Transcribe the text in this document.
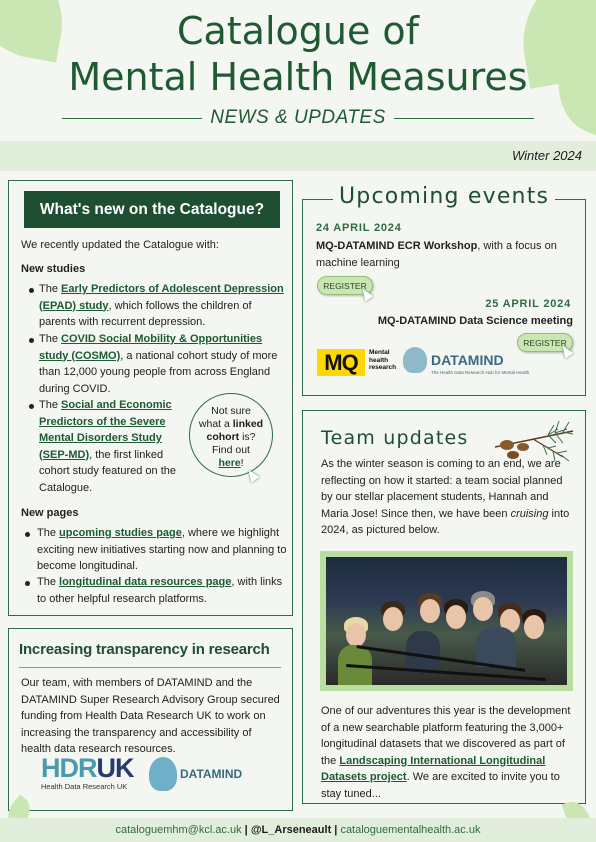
Catalogue of
Mental Health Measures
NEWS & UPDATES
Winter 2024
What's new on the Catalogue?
We recently updated the Catalogue with:
New studies
The Early Predictors of Adolescent Depression (EPAD) study, which follows the children of parents with recurrent depression.
The COVID Social Mobility & Opportunities study (COSMO), a national cohort study of more than 12,000 young people from across England during COVID.
The Social and Economic Predictors of the Severe Mental Disorders Study (SEP-MD), the first linked cohort study featured on the Catalogue.
Not sure
what a linked
cohort is?
Find out
here!
New pages
The upcoming studies page, where we highlight exciting new initiatives starting now and planning to become longitudinal.
The longitudinal data resources page, with links to other helpful research platforms.
Increasing transparency in research
Our team, with members of DATAMIND and the DATAMIND Super Research Advisory Group secured funding from Health Data Research UK to work on increasing the transparency and accessibility of health data research resources.
HDRUK
Health Data Research UK
DATAMIND
Upcoming events
24 APRIL 2024
MQ-DATAMIND ECR Workshop, with a focus on machine learning
REGISTER
25 APRIL 2024
MQ-DATAMIND Data Science meeting
REGISTER
MQ	Mental
health
research DATAMIND
The Health Data Research Hub for Mental Health
Team updates
As the winter season is coming to an end, we are reflecting on how it started: a team social planned by our stellar placement students, Hannah and Maria Jose! Since then, we have been cruising into 2024, as pictured below.
One of our adventures this year is the development of a new searchable platform featuring the 3,000+ longitudinal datasets that we discovered as part of the Landscaping International Longitudinal Datasets project. We are excited to invite you to stay tuned...
cataloguemhm@kcl.ac.uk | @L_Arseneault | cataloguementalhealth.ac.uk
